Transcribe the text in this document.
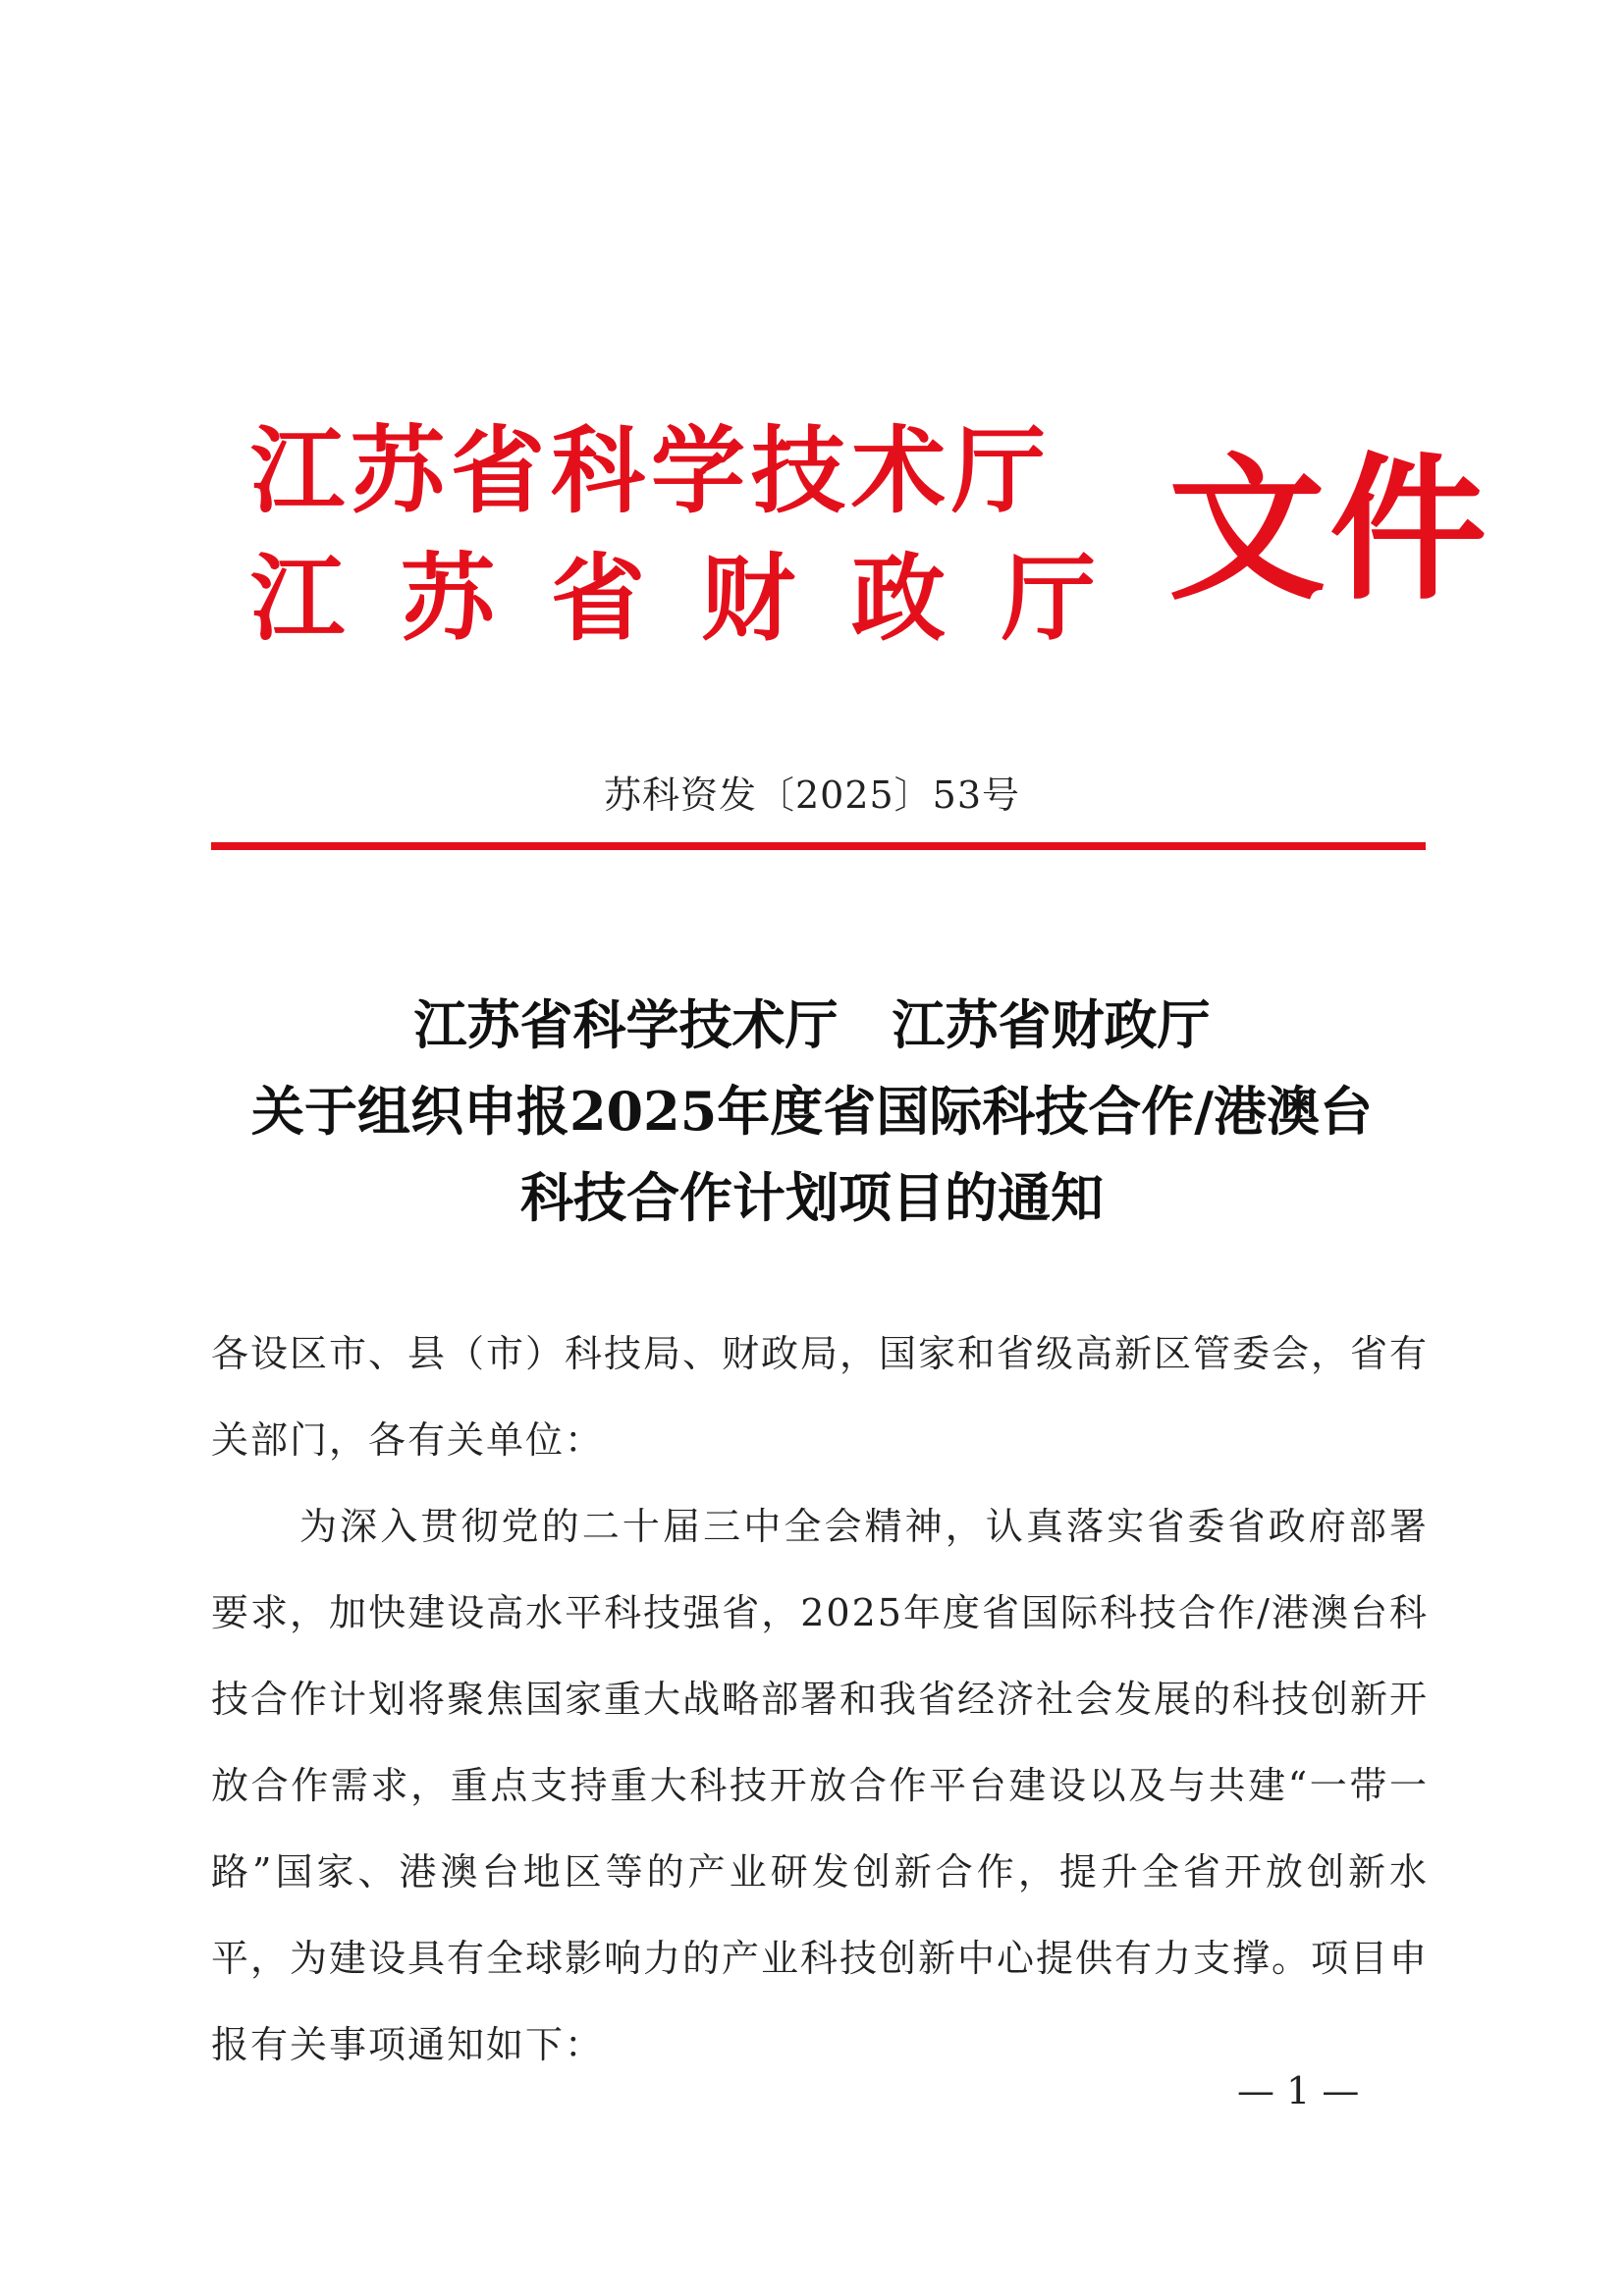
江苏省科学技术厅
江苏省财政厅 文件
苏科资发〔2025〕53号
江苏省科学技术厅 江苏省财政厅
关于组织申报2025年度省国际科技合作/港澳台
科技合作计划项目的通知

各设区市、县（市）科技局、财政局，国家和省级高新区管委会，省有关部门，各有关单位：

为深入贯彻党的二十届三中全会精神，认真落实省委省政府部署要求，加快建设高水平科技强省，2025年度省国际科技合作/港澳台科技合作计划将聚焦国家重大战略部署和我省经济社会发展的科技创新开放合作需求，重点支持重大科技开放合作平台建设以及与共建“一带一路”国家、港澳台地区等的产业研发创新合作，提升全省开放创新水平，为建设具有全球影响力的产业科技创新中心提供有力支撑。项目申报有关事项通知如下：

— 1 —
